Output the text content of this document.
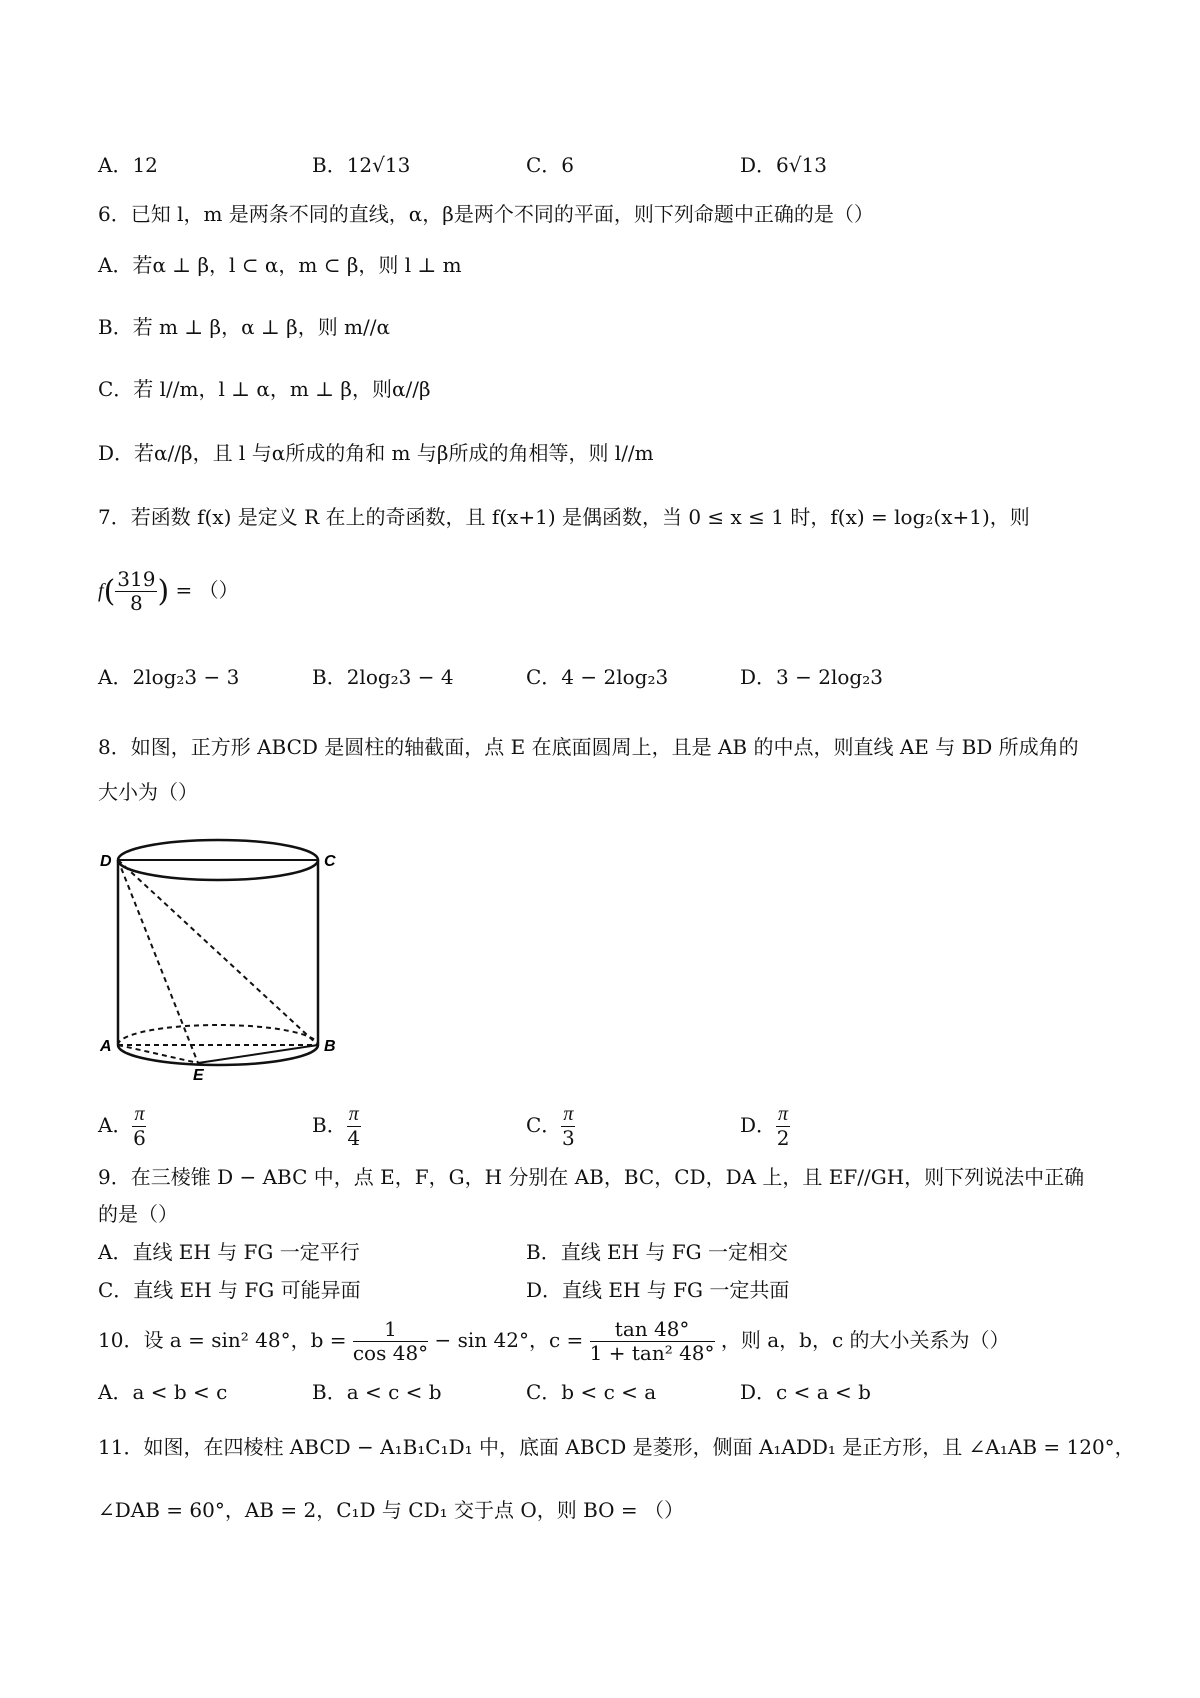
A．12	B．12√13	C．6	D．6√13
6．已知 l，m 是两条不同的直线，α，β是两个不同的平面，则下列命题中正确的是（）
A．若α ⊥ β，l ⊂ α，m ⊂ β，则 l ⊥ m
B．若 m ⊥ β，α ⊥ β，则 m//α
C．若 l//m，l ⊥ α，m ⊥ β，则α//β
D．若α//β，且 l 与α所成的角和 m 与β所成的角相等，则 l//m
7．若函数 f(x) 是定义 R 在上的奇函数，且 f(x+1) 是偶函数，当 0 ≤ x ≤ 1 时，f(x) = log₂(x+1)，则
$f( \frac{319}{8}$ ) = （）
A．2log₂3 − 3	B．2log₂3 − 4	C．4 − 2log₂3	D．3 − 2log₂3
8．如图，正方形 ABCD 是圆柱的轴截面，点 E 在底面圆周上，且是 AB 的中点，则直线 AE 与 BD 所成角的
大小为（）
D	C
A	B
E
A． $\frac{\pi}{6}$	B． $\frac{\pi}{4}$	C． $\frac{\pi}{3}$	D． $\frac{\pi}{2}$
9．在三棱锥 D − ABC 中，点 E，F，G，H 分别在 AB，BC，CD，DA 上，且 EF//GH，则下列说法中正确
的是（）
A．直线 EH 与 FG 一定平行	B．直线 EH 与 FG 一定相交
C．直线 EH 与 FG 可能异面	D．直线 EH 与 FG 一定共面
10．设 a = sin² 48°，$b = \frac{1}{\cos 48^\circ} - \sin 42^\circ$，$c = \frac{\tan 48^\circ}{\text{1 + tan² 48°}}$ ，则 a，b，c 的大小关系为（）
A．a < b < c	B．a < c < b	C．b < c < a	D．c < a < b
11．如图，在四棱柱 ABCD − A₁B₁C₁D₁ 中，底面 ABCD 是菱形，侧面 A₁ADD₁ 是正方形，且 ∠A₁AB = 120°，
∠DAB = 60°，AB = 2，C₁D 与 CD₁ 交于点 O，则 BO = （）
